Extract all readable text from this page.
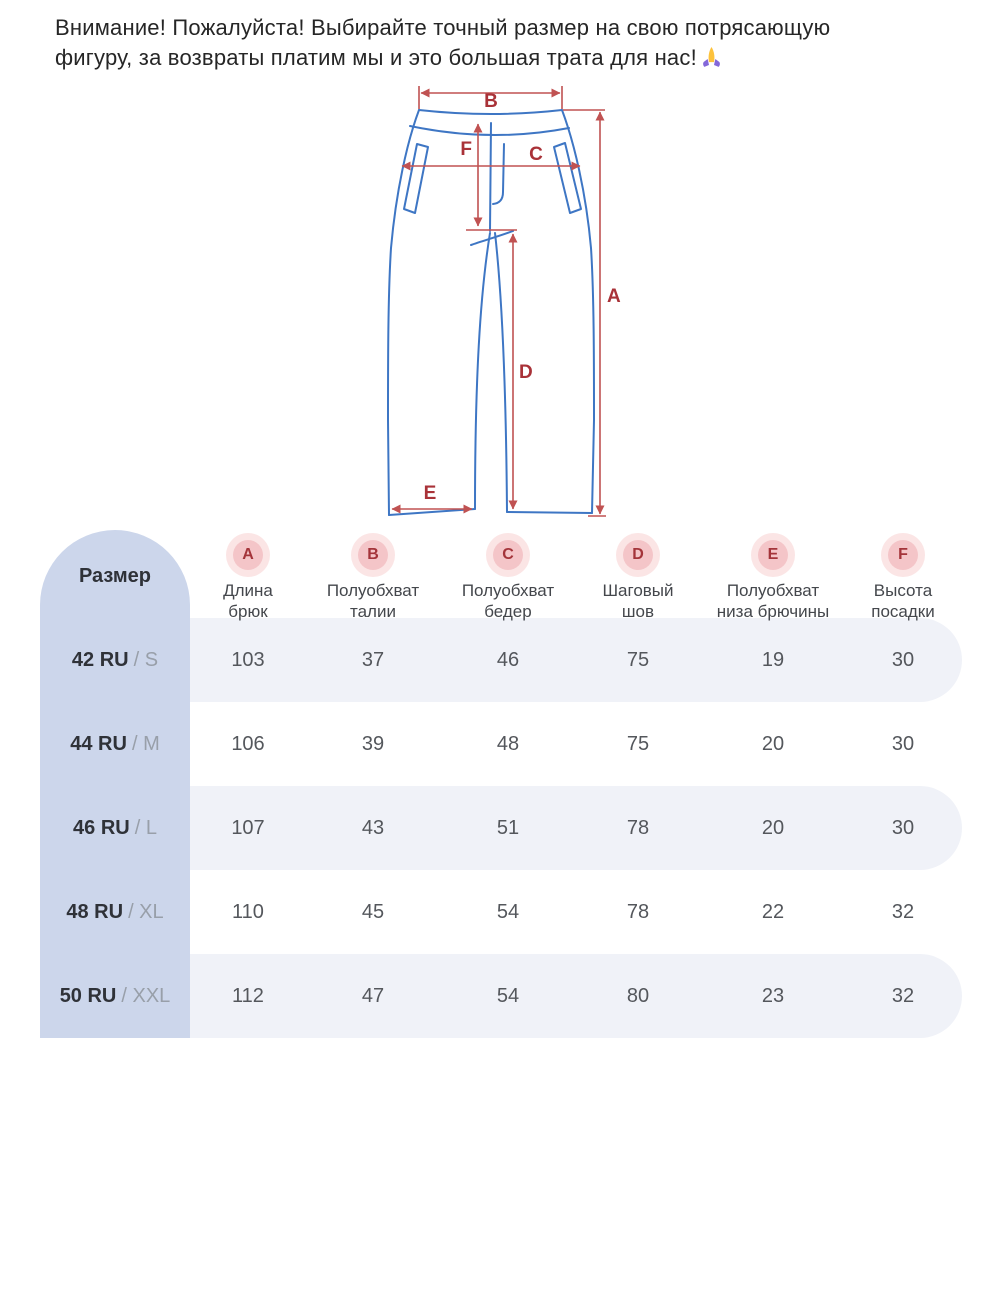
Внимание! Пожалуйста! Выбирайте точный размер на свою потрясающую
фигуру, за возвраты платим мы и это большая трата для нас!
B
A
F	C
D
E
Размер
A
Длина
брюк
B
Полуобхват
талии
C
Полуобхват
бедер
D
Шаговый
шов
E
Полуобхват
низа брючины
F
Высота
посадки
42 RU / S	103	37	46	75	19	30
44 RU / M	106	39	48	75	20	30
46 RU / L	107	43	51	78	20	30
48 RU / XL	110	45	54	78	22	32
50 RU / XXL	112	47	54	80	23	32
